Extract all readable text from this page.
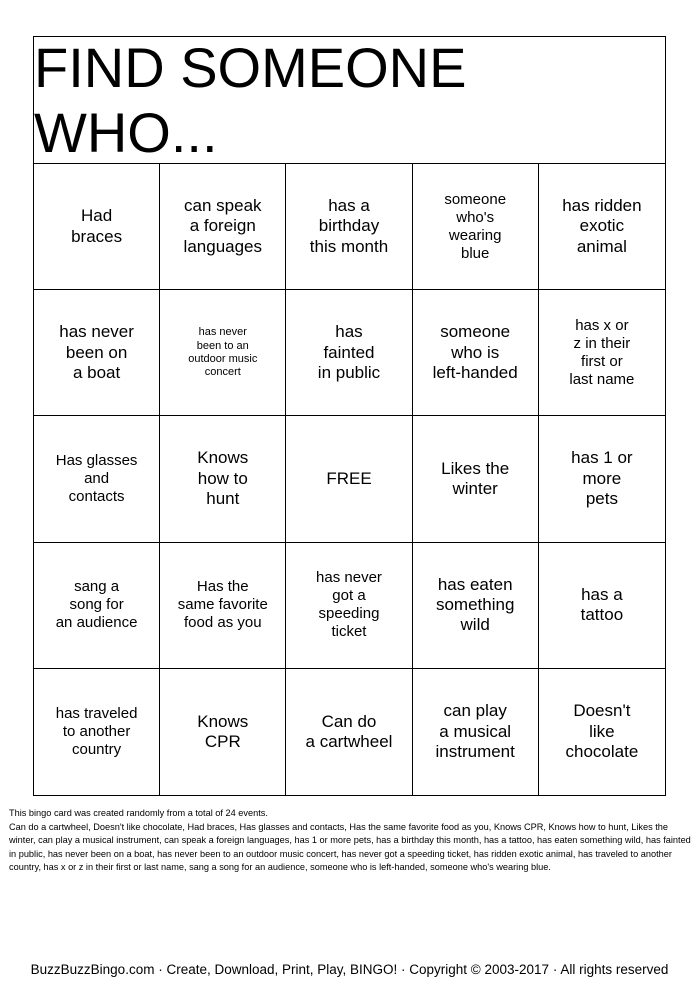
FIND SOMEONE WHO...
Had
braces
can speak
a foreign
languages
has a
birthday
this month
someone
who's
wearing
blue
has ridden
exotic
animal
has never
been on
a boat
has never
been to an
outdoor music
concert
has
fainted
in public
someone
who is
left-handed
has x or
z in their
first or
last name
Has glasses
and
contacts
Knows
how to
hunt
FREE
Likes the
winter
has 1 or
more
pets
sang a
song for
an audience
Has the
same favorite
food as you
has never
got a
speeding
ticket
has eaten
something
wild
has a
tattoo
has traveled
to another
country
Knows
CPR
Can do
a cartwheel
can play
a musical
instrument
Doesn't
like
chocolate
This bingo card was created randomly from a total of 24 events.
Can do a cartwheel, Doesn't like chocolate, Had braces, Has glasses and contacts, Has the same favorite food as you, Knows CPR, Knows how to hunt, Likes the winter, can play a musical instrument, can speak a foreign languages, has 1 or more pets, has a birthday this month, has a tattoo, has eaten something wild, has fainted in public, has never been on a boat, has never been to an outdoor music concert, has never got a speeding ticket, has ridden exotic animal, has traveled to another country, has x or z in their first or last name, sang a song for an audience, someone who is left-handed, someone who's wearing blue.
BuzzBuzzBingo.com · Create, Download, Print, Play, BINGO! · Copyright © 2003-2017 · All rights reserved
